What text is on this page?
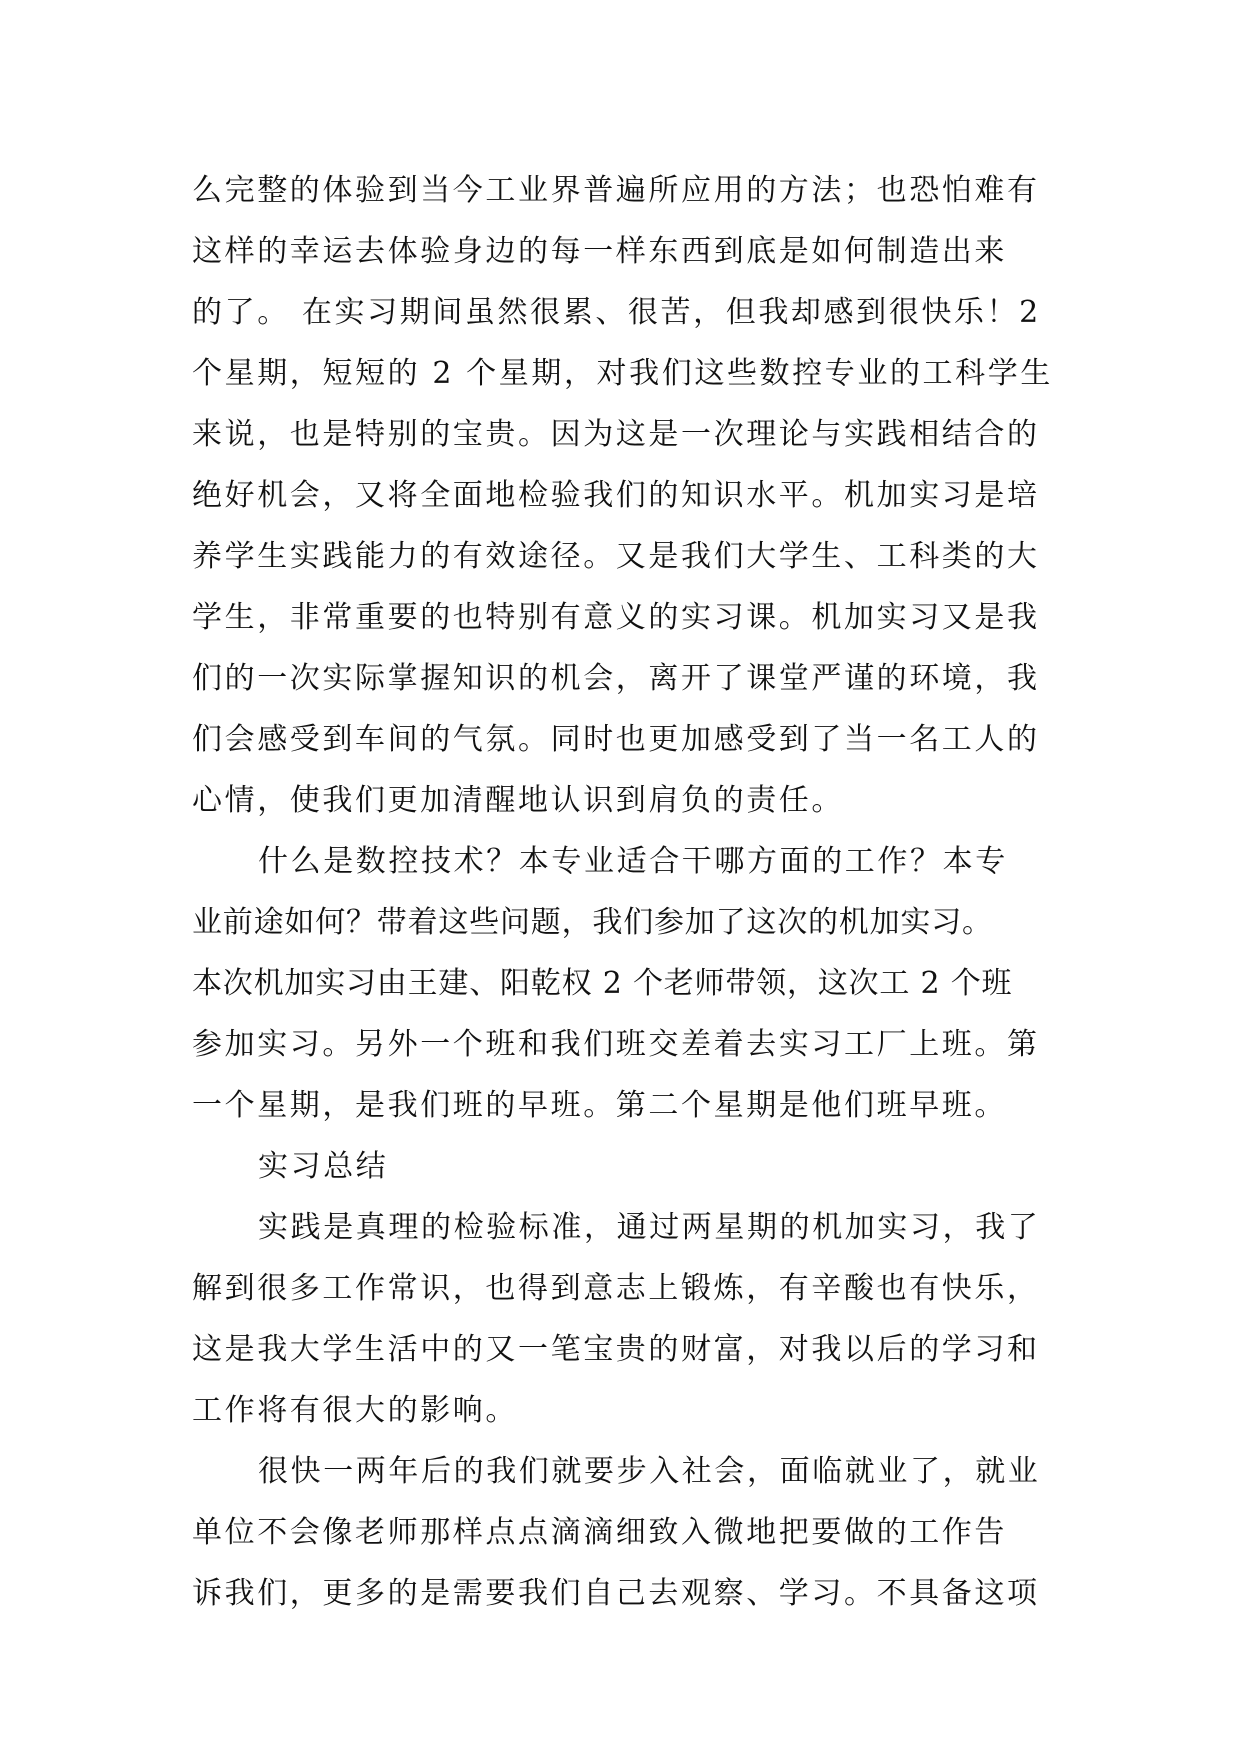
么完整的体验到当今工业界普遍所应用的方法；也恐怕难有
这样的幸运去体验身边的每一样东西到底是如何制造出来
的了。 在实习期间虽然很累、很苦，但我却感到很快乐！2
个星期，短短的 2 个星期，对我们这些数控专业的工科学生
来说，也是特别的宝贵。因为这是一次理论与实践相结合的
绝好机会，又将全面地检验我们的知识水平。机加实习是培
养学生实践能力的有效途径。又是我们大学生、工科类的大
学生，非常重要的也特别有意义的实习课。机加实习又是我
们的一次实际掌握知识的机会，离开了课堂严谨的环境，我
们会感受到车间的气氛。同时也更加感受到了当一名工人的
心情，使我们更加清醒地认识到肩负的责任。
什么是数控技术？本专业适合干哪方面的工作？本专
业前途如何？带着这些问题，我们参加了这次的机加实习。
本次机加实习由王建、阳乾权 2 个老师带领，这次工 2 个班
参加实习。另外一个班和我们班交差着去实习工厂上班。第
一个星期，是我们班的早班。第二个星期是他们班早班。
实习总结
实践是真理的检验标准，通过两星期的机加实习，我了
解到很多工作常识，也得到意志上锻炼，有辛酸也有快乐，
这是我大学生活中的又一笔宝贵的财富，对我以后的学习和
工作将有很大的影响。
很快一两年后的我们就要步入社会，面临就业了，就业
单位不会像老师那样点点滴滴细致入微地把要做的工作告
诉我们，更多的是需要我们自己去观察、学习。不具备这项
